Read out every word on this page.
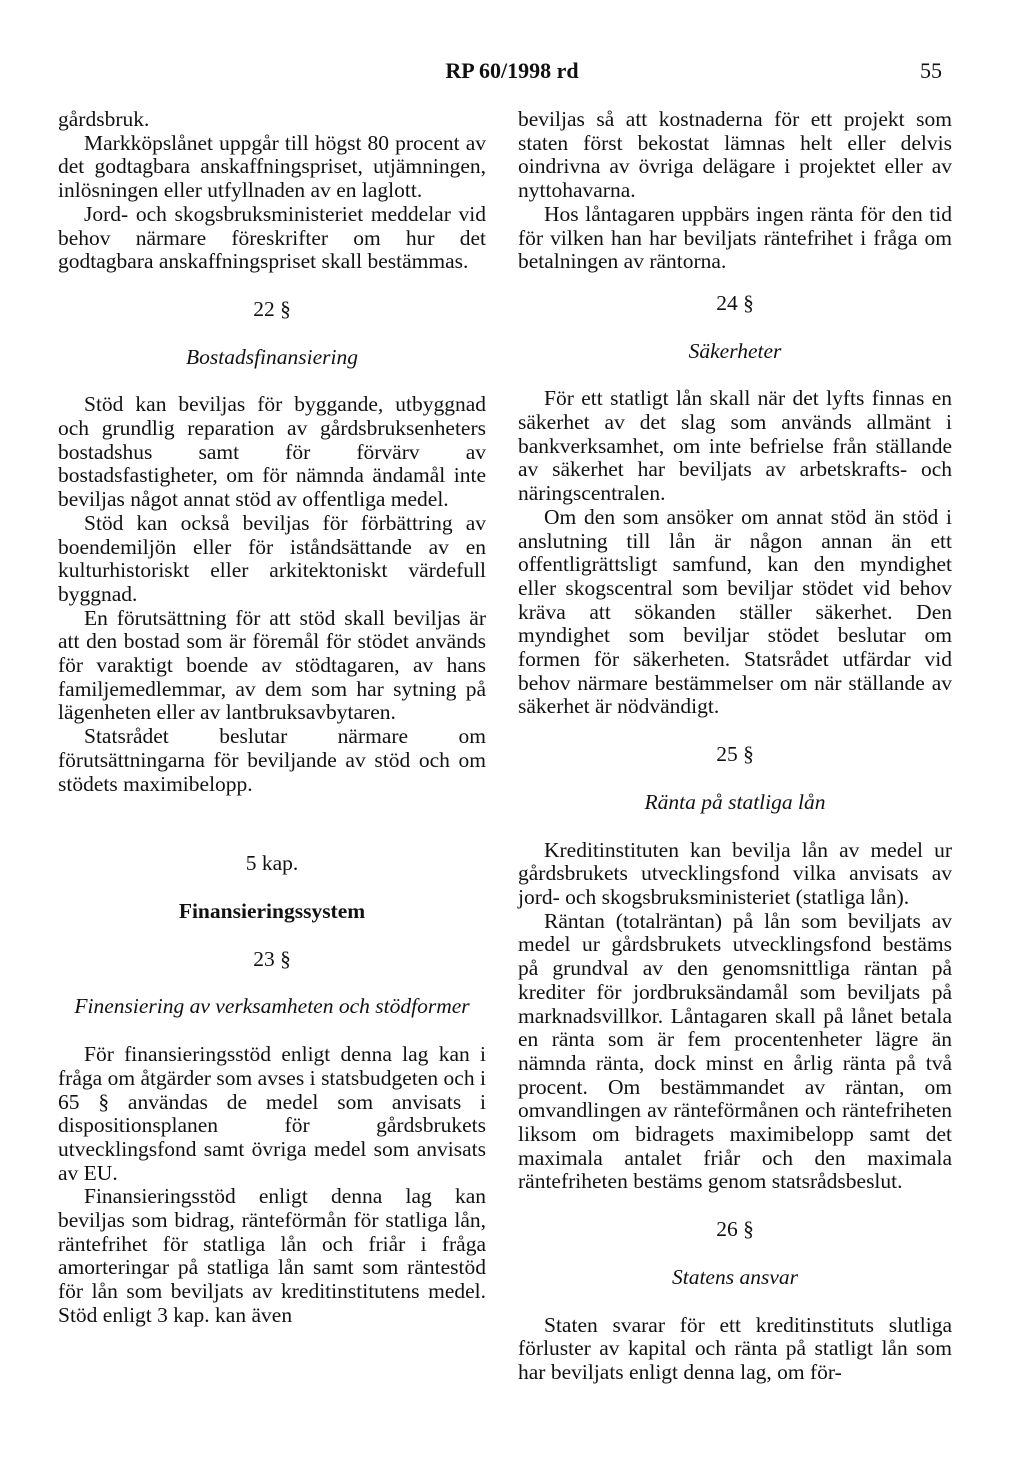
RP 60/1998 rd	55

gårdsbruk.

Markköpslånet uppgår till högst 80 procent av det godtagbara anskaffningspriset, utjämningen, inlösningen eller utfyllnaden av en laglott.

Jord- och skogsbruksministeriet meddelar vid behov närmare föreskrifter om hur det godtagbara anskaffningspriset skall bestämmas.

22 §
Bostadsfinansiering

Stöd kan beviljas för byggande, utbyggnad och grundlig reparation av gårdsbruksenheters bostadshus samt för förvärv av bostadsfastigheter, om för nämnda ändamål inte beviljas något annat stöd av offentliga medel.

Stöd kan också beviljas för förbättring av boendemiljön eller för iståndsättande av en kulturhistoriskt eller arkitektoniskt värdefull byggnad.

En förutsättning för att stöd skall beviljas är att den bostad som är föremål för stödet används för varaktigt boende av stödtagaren, av hans familjemedlemmar, av dem som har sytning på lägenheten eller av lantbruksavbytaren.

Statsrådet beslutar närmare om förutsättningarna för beviljande av stöd och om stödets maximibelopp.

5 kap.
Finansieringssystem
23 §
Finensiering av verksamheten och stödformer

För finansieringsstöd enligt denna lag kan i fråga om åtgärder som avses i statsbudgeten och i 65 § användas de medel som anvisats i dispositionsplanen för gårdsbrukets utvecklingsfond samt övriga medel som anvisats av EU.

Finansieringsstöd enligt denna lag kan beviljas som bidrag, ränteförmån för statliga lån, räntefrihet för statliga lån och friår i fråga amorteringar på statliga lån samt som räntestöd för lån som beviljats av kreditinstitutens medel. Stöd enligt 3 kap. kan även

beviljas så att kostnaderna för ett projekt som staten först bekostat lämnas helt eller delvis oindrivna av övriga delägare i projektet eller av nyttohavarna.

Hos låntagaren uppbärs ingen ränta för den tid för vilken han har beviljats räntefrihet i fråga om betalningen av räntorna.

24 §
Säkerheter

För ett statligt lån skall när det lyfts finnas en säkerhet av det slag som används allmänt i bankverksamhet, om inte befrielse från ställande av säkerhet har beviljats av arbetskrafts- och näringscentralen.

Om den som ansöker om annat stöd än stöd i anslutning till lån är någon annan än ett offentligrättsligt samfund, kan den myndighet eller skogscentral som beviljar stödet vid behov kräva att sökanden ställer säkerhet. Den myndighet som beviljar stödet beslutar om formen för säkerheten. Statsrådet utfärdar vid behov närmare bestämmelser om när ställande av säkerhet är nödvändigt.

25 §
Ränta på statliga lån

Kreditinstituten kan bevilja lån av medel ur gårdsbrukets utvecklingsfond vilka anvisats av jord- och skogsbruksministeriet (statliga lån).

Räntan (totalräntan) på lån som beviljats av medel ur gårdsbrukets utvecklingsfond bestäms på grundval av den genomsnittliga räntan på krediter för jordbruksändamål som beviljats på marknadsvillkor. Låntagaren skall på lånet betala en ränta som är fem procentenheter lägre än nämnda ränta, dock minst en årlig ränta på två procent. Om bestämmandet av räntan, om omvandlingen av ränteförmånen och räntefriheten liksom om bidragets maximibelopp samt det maximala antalet friår och den maximala räntefriheten bestäms genom statsrådsbeslut.

26 §
Statens ansvar

Staten svarar för ett kreditinstituts slutliga förluster av kapital och ränta på statligt lån som har beviljats enligt denna lag, om för-
